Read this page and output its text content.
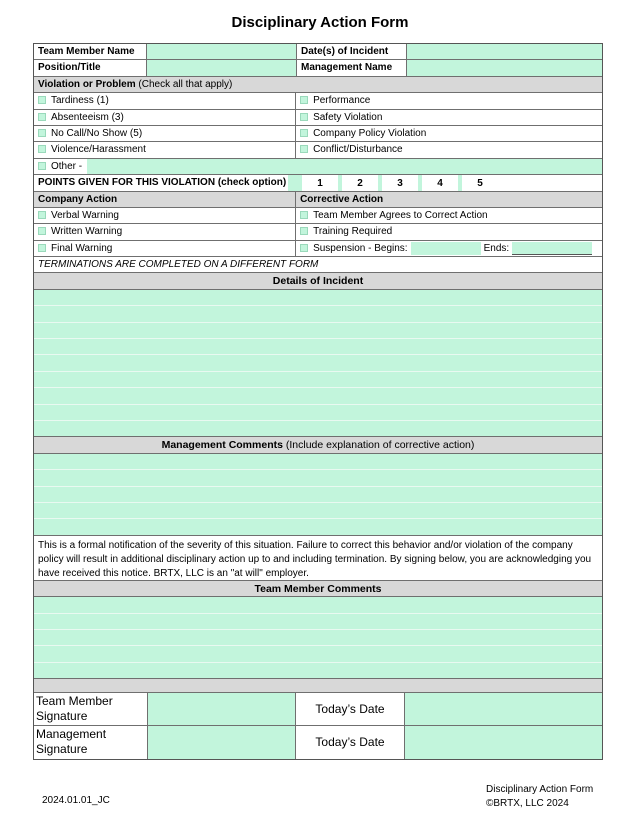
Disciplinary Action Form
Team Member Name	Date(s) of Incident
Position/Title	Management Name
Violation or Problem (Check all that apply)
Tardiness (1)	Performance
Absenteeism (3)	Safety Violation
No Call/No Show (5)	Company Policy Violation
Violence/Harassment	Conflict/Disturbance
Other -
POINTS GIVEN FOR THIS VIOLATION (check option)	1	2	3	4	5
Company Action	Corrective Action
Verbal Warning	Team Member Agrees to Correct Action
Written Warning	Training Required
Final Warning	Suspension - Begins:	Ends:
TERMINATIONS ARE COMPLETED ON A DIFFERENT FORM
Details of Incident
Management Comments (Include explanation of corrective action)
This is a formal notification of the severity of this situation. Failure to correct this behavior and/or violation of the company policy will result in additional disciplinary action up to and including termination. By signing below, you are acknowledging you have received this notice. BRTX, LLC is an "at will" employer.
Team Member Comments
Team Member
Signature	Today’s Date
Management
Signature	Today’s Date
2024.01.01_JC
Disciplinary Action Form
©BRTX, LLC 2024
